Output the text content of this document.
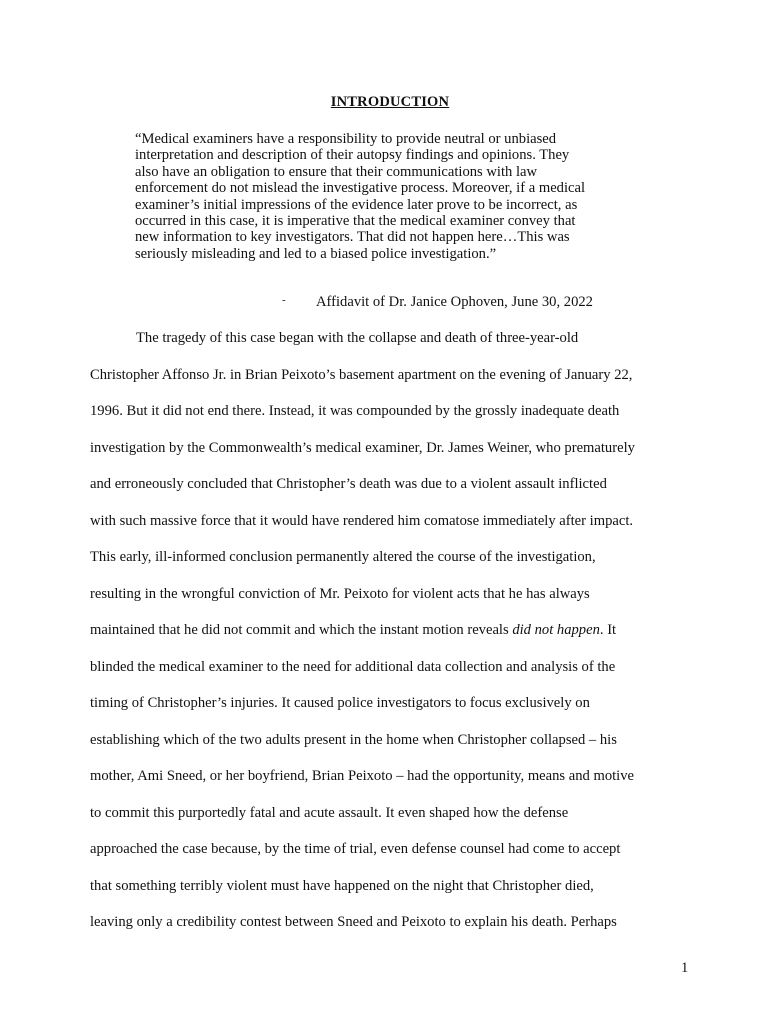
INTRODUCTION
“Medical examiners have a responsibility to provide neutral or unbiased
interpretation and description of their autopsy findings and opinions. They
also have an obligation to ensure that their communications with law
enforcement do not mislead the investigative process. Moreover, if a medical
examiner’s initial impressions of the evidence later prove to be incorrect, as
occurred in this case, it is imperative that the medical examiner convey that
new information to key investigators. That did not happen here…This was
seriously misleading and led to a biased police investigation.”
- Affidavit of Dr. Janice Ophoven, June 30, 2022
The tragedy of this case began with the collapse and death of three-year-old
Christopher Affonso Jr. in Brian Peixoto’s basement apartment on the evening of January 22,
1996. But it did not end there. Instead, it was compounded by the grossly inadequate death
investigation by the Commonwealth’s medical examiner, Dr. James Weiner, who prematurely
and erroneously concluded that Christopher’s death was due to a violent assault inflicted
with such massive force that it would have rendered him comatose immediately after impact.
This early, ill-informed conclusion permanently altered the course of the investigation,
resulting in the wrongful conviction of Mr. Peixoto for violent acts that he has always
maintained that he did not commit and which the instant motion reveals did not happen. It
blinded the medical examiner to the need for additional data collection and analysis of the
timing of Christopher’s injuries. It caused police investigators to focus exclusively on
establishing which of the two adults present in the home when Christopher collapsed – his
mother, Ami Sneed, or her boyfriend, Brian Peixoto – had the opportunity, means and motive
to commit this purportedly fatal and acute assault. It even shaped how the defense
approached the case because, by the time of trial, even defense counsel had come to accept
that something terribly violent must have happened on the night that Christopher died,
leaving only a credibility contest between Sneed and Peixoto to explain his death. Perhaps
1
